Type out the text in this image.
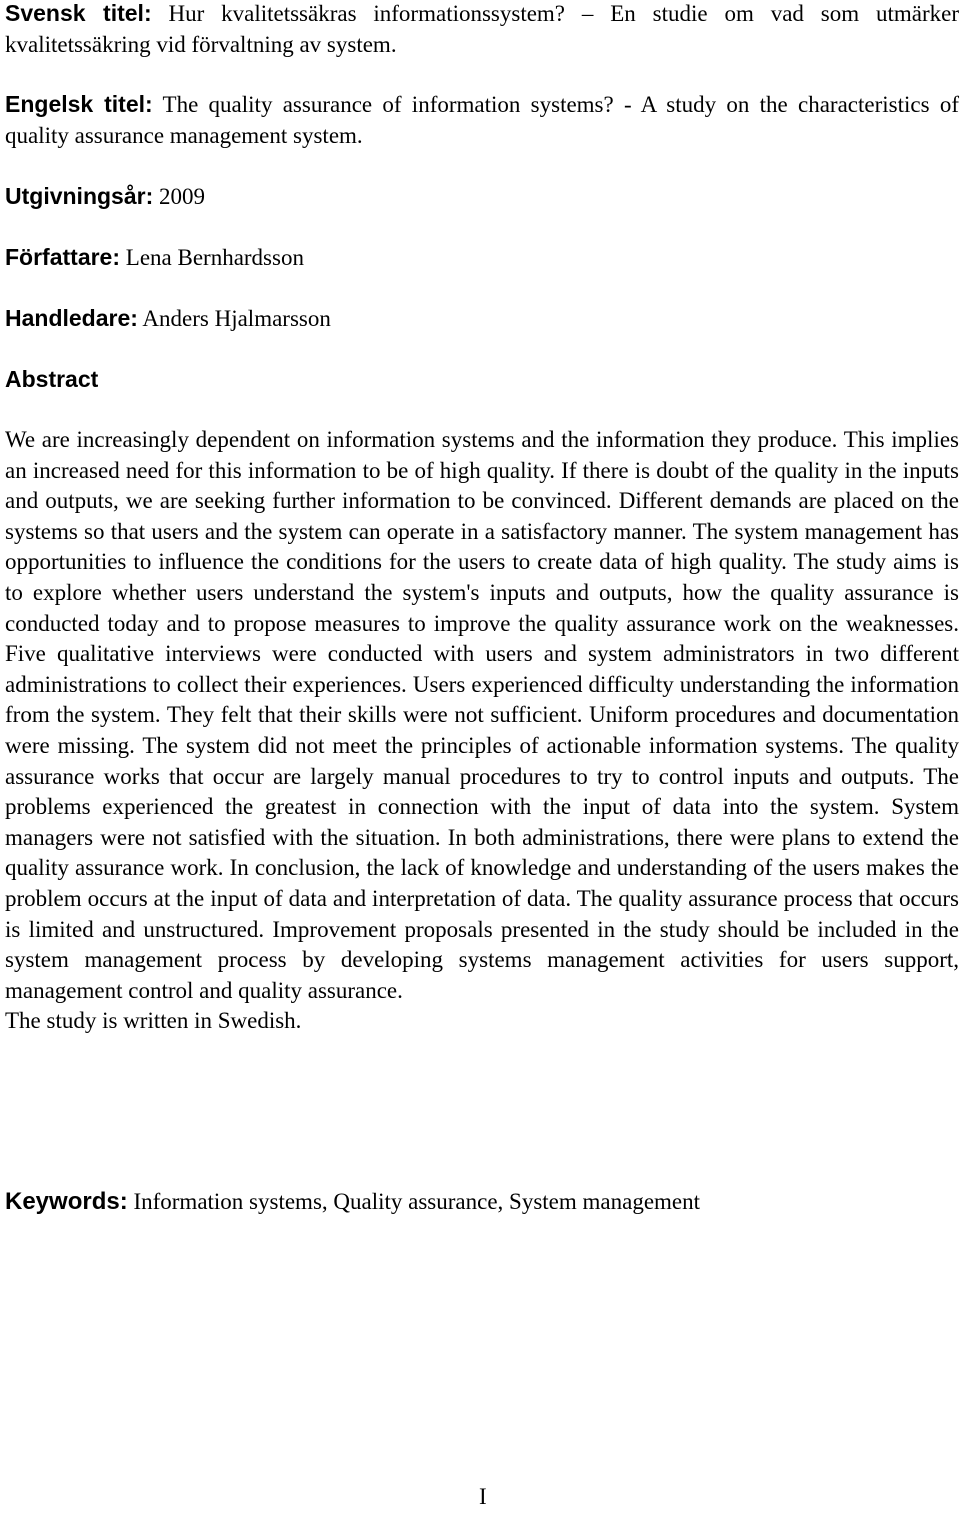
Svensk titel: Hur kvalitetssäkras informationssystem? – En studie om vad som utmärker kvalitetssäkring vid förvaltning av system.

Engelsk titel: The quality assurance of information systems? - A study on the characteristics of quality assurance management system.

Utgivningsår: 2009

Författare: Lena Bernhardsson

Handledare: Anders Hjalmarsson

Abstract

We are increasingly dependent on information systems and the information they produce. This implies an increased need for this information to be of high quality. If there is doubt of the quality in the inputs and outputs, we are seeking further information to be convinced. Different demands are placed on the systems so that users and the system can operate in a satisfactory manner. The system management has opportunities to influence the conditions for the users to create data of high quality. The study aims is to explore whether users understand the system's inputs and outputs, how the quality assurance is conducted today and to propose measures to improve the quality assurance work on the weaknesses. Five qualitative interviews were conducted with users and system administrators in two different administrations to collect their experiences. Users experienced difficulty understanding the information from the system. They felt that their skills were not sufficient. Uniform procedures and documentation were missing. The system did not meet the principles of actionable information systems. The quality assurance works that occur are largely manual procedures to try to control inputs and outputs. The problems experienced the greatest in connection with the input of data into the system. System managers were not satisfied with the situation. In both administrations, there were plans to extend the quality assurance work. In conclusion, the lack of knowledge and understanding of the users makes the problem occurs at the input of data and interpretation of data. The quality assurance process that occurs is limited and unstructured. Improvement proposals presented in the study should be included in the system management process by developing systems management activities for users support, management control and quality assurance.

The study is written in Swedish.

Keywords: Information systems, Quality assurance, System management

I
